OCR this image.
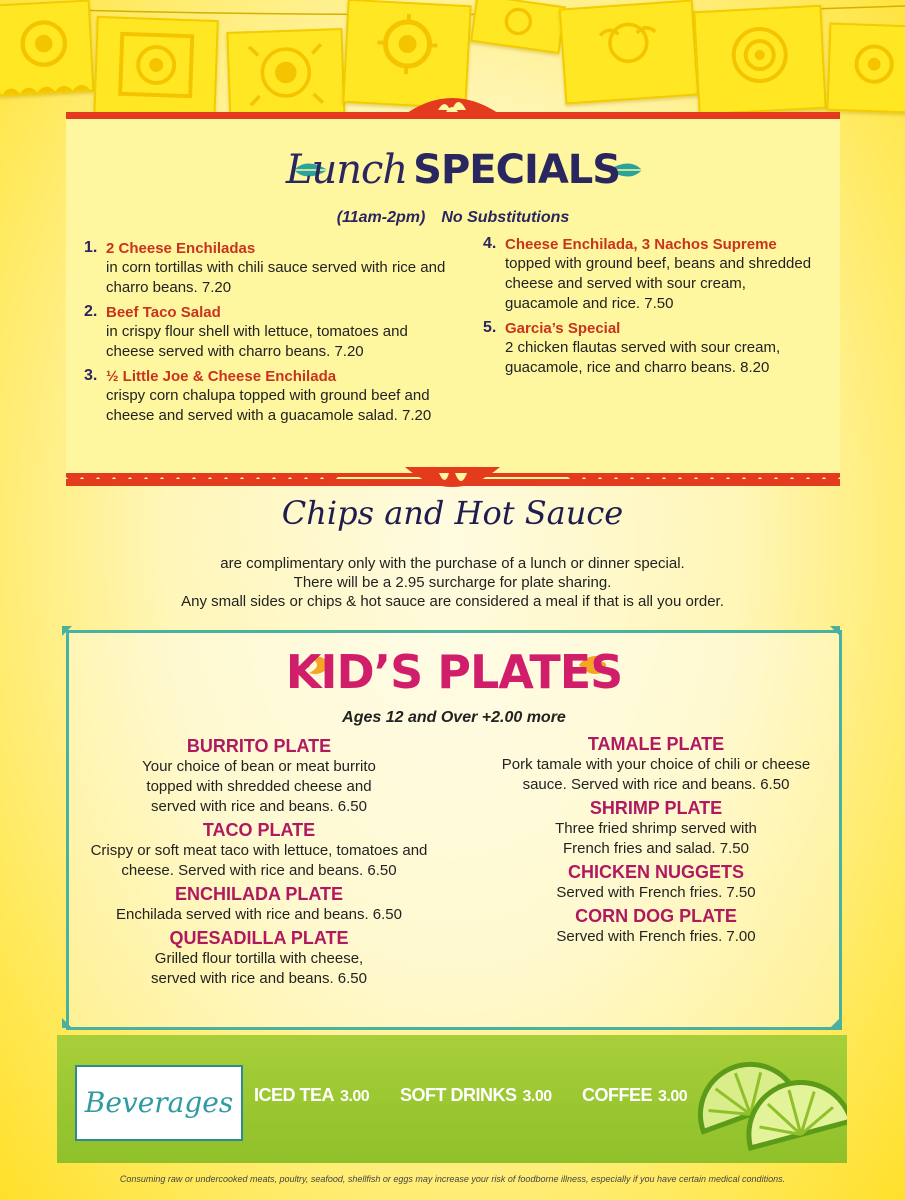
Lunch SPECIALS
(11am-2pm) No Substitutions
1. 2 Cheese Enchiladas
in corn tortillas with chili sauce served with rice and charro beans. 7.20
2. Beef Taco Salad
in crispy flour shell with lettuce, tomatoes and cheese served with charro beans. 7.20
3. ½ Little Joe & Cheese Enchilada
crispy corn chalupa topped with ground beef and cheese and served with a guacamole salad. 7.20
4. Cheese Enchilada, 3 Nachos Supreme
topped with ground beef, beans and shredded cheese and served with sour cream, guacamole and rice. 7.50
5. Garcia’s Special
2 chicken flautas served with sour cream, guacamole, rice and charro beans. 8.20
Chips and Hot Sauce
are complimentary only with the purchase of a lunch or dinner special.
There will be a 2.95 surcharge for plate sharing.
Any small sides or chips & hot sauce are considered a meal if that is all you order.
KID’S PLATES
Ages 12 and Over +2.00 more
BURRITO PLATE
Your choice of bean or meat burrito topped with shredded cheese and served with rice and beans. 6.50
TACO PLATE
Crispy or soft meat taco with lettuce, tomatoes and cheese. Served with rice and beans. 6.50
ENCHILADA PLATE
Enchilada served with rice and beans. 6.50
QUESADILLA PLATE
Grilled flour tortilla with cheese, served with rice and beans. 6.50
TAMALE PLATE
Pork tamale with your choice of chili or cheese sauce. Served with rice and beans. 6.50
SHRIMP PLATE
Three fried shrimp served with French fries and salad. 7.50
CHICKEN NUGGETS
Served with French fries. 7.50
CORN DOG PLATE
Served with French fries. 7.00
Beverages	ICED TEA 3.00 SOFT DRINKS 3.00 COFFEE 3.00
Consuming raw or undercooked meats, poultry, seafood, shellfish or eggs may increase your risk of foodborne illness, especially if you have certain medical conditions.
